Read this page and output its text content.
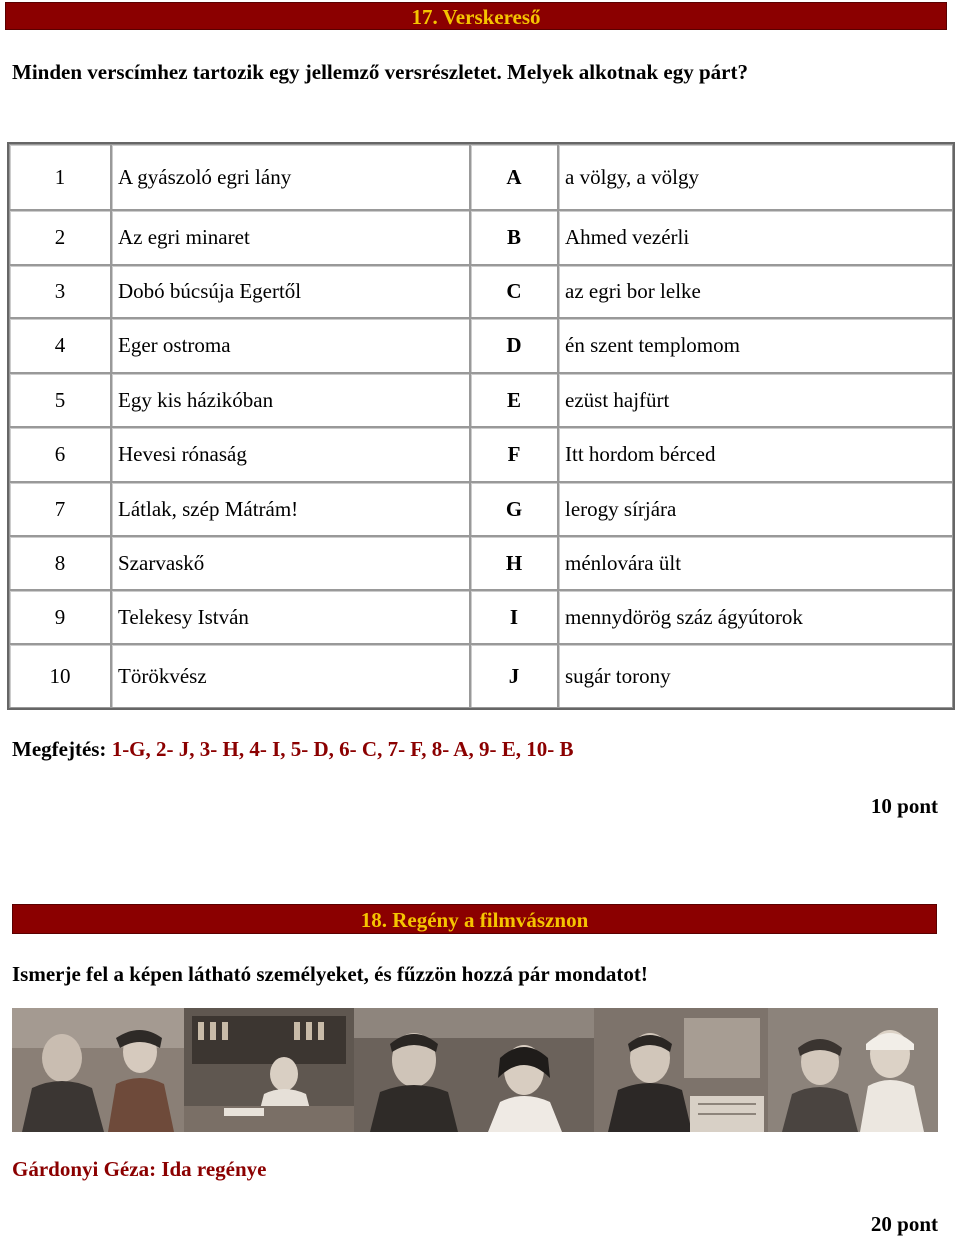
17. Verskereső
Minden verscímhez tartozik egy jellemző versrészletet. Melyek alkotnak egy párt?
1	A gyászoló egri lány	A	a völgy, a völgy
2	Az egri minaret	B	Ahmed vezérli
3	Dobó búcsúja Egertől	C	az egri bor lelke
4	Eger ostroma	D	én szent templomom
5	Egy kis házikóban	E	ezüst hajfürt
6	Hevesi rónaság	F	Itt hordom bérced
7	Látlak, szép Mátrám!	G	lerogy sírjára
8	Szarvaskő	H	ménlovára ült
9	Telekesy István	I	mennydörög száz ágyútorok
10	Törökvész	J	sugár torony
Megfejtés: 1-G, 2- J, 3- H, 4- I, 5- D, 6- C, 7- F, 8- A, 9- E, 10- B
10 pont
18. Regény a filmvásznon
Ismerje fel a képen látható személyeket, és fűzzön hozzá pár mondatot!
Gárdonyi Géza: Ida regénye
20 pont
